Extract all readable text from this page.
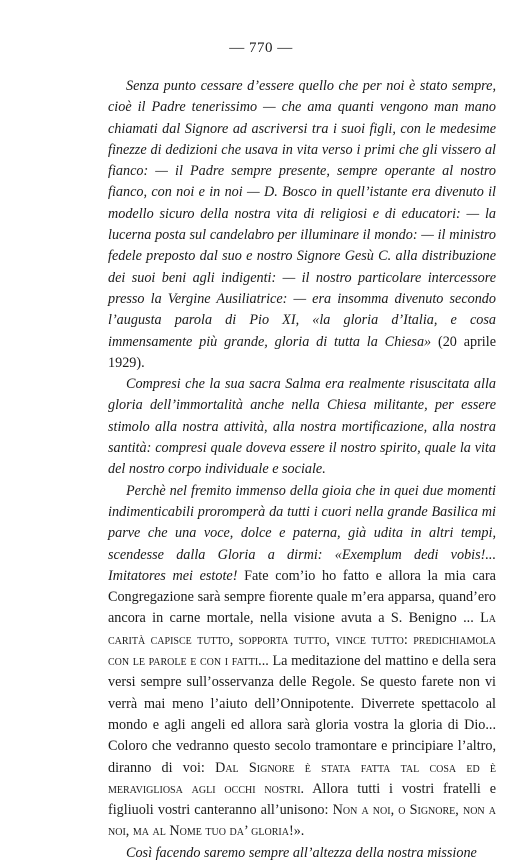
— 770 —

Senza punto cessare d’essere quello che per noi è stato sempre, cioè il Padre tenerissimo — che ama quanti vengono man mano chiamati dal Signore ad ascriversi tra i suoi figli, con le medesime finezze di dedizioni che usava in vita verso i primi che gli vissero al fianco: — il Padre sempre presente, sempre operante al nostro fianco, con noi e in noi — D. Bosco in quell’istante era divenuto il modello sicuro della nostra vita di religiosi e di educatori: — la lucerna posta sul candelabro per illuminare il mondo: — il ministro fedele preposto dal suo e nostro Signore Gesù C. alla distribuzione dei suoi beni agli indigenti: — il nostro particolare intercessore presso la Vergine Ausiliatrice: — era insomma divenuto secondo l’augusta parola di Pio XI, «la gloria d’Italia, e cosa immensamente più grande, gloria di tutta la Chiesa» (20 aprile 1929).

Compresi che la sua sacra Salma era realmente risuscitata alla gloria dell’immortalità anche nella Chiesa militante, per essere stimolo alla nostra attività, alla nostra mortificazione, alla nostra santità: compresi quale doveva essere il nostro spirito, quale la vita del nostro corpo individuale e sociale.

Perchè nel fremito immenso della gioia che in quei due momenti indimenticabili proromperà da tutti i cuori nella grande Basilica mi parve che una voce, dolce e paterna, già udita in altri tempi, scendesse dalla Gloria a dirmi: «Exemplum dedi vobis!... Imitatores mei estote! Fate com’io ho fatto e allora la mia cara Congregazione sarà sempre fiorente quale m’era apparsa, quand’ero ancora in carne mortale, nella visione avuta a S. Benigno ... La carità capisce tutto, sopporta tutto, vince tutto: predichiamola con le parole e con i fatti... La meditazione del mattino e della sera versi sempre sull’osservanza delle Regole. Se questo farete non vi verrà mai meno l’aiuto dell’Onnipotente. Diverrete spettacolo al mondo e agli angeli ed allora sarà gloria vostra la gloria di Dio... Coloro che vedranno questo secolo tramontare e principiare l’altro, diranno di voi: Dal Signore è stata fatta tal cosa ed è meravigliosa agli occhi nostri. Allora tutti i vostri fratelli e figliuoli vostri canteranno all’unisono: Non a noi, o Signore, non a noi, ma al Nome tuo da’ gloria!».

Così facendo saremo sempre all’altezza della nostra missione
